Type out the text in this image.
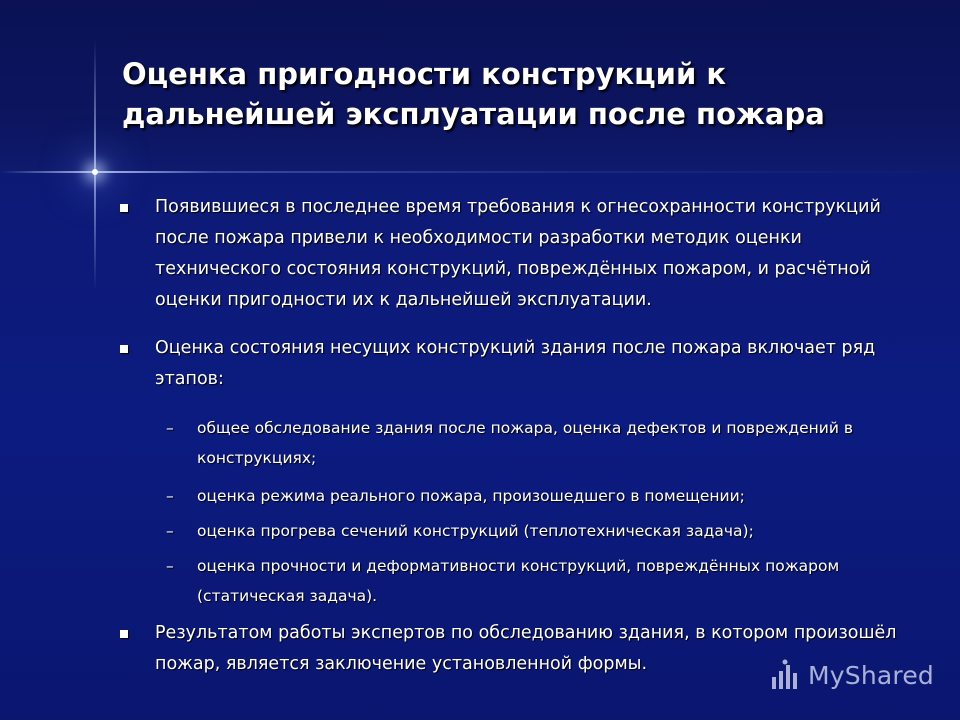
Оценка пригодности конструкций к дальнейшей эксплуатации после пожара
Появившиеся в последнее время требования к огнесохранности конструкций после пожара привели к необходимости разработки методик оценки технического состояния конструкций, повреждённых пожаром, и расчётной оценки пригодности их к дальнейшей эксплуатации.
Оценка состояния несущих конструкций здания после пожара включает ряд этапов:
– общее обследование здания после пожара, оценка дефектов и повреждений в конструкциях;
– оценка режима реального пожара, произошедшего в помещении;
– оценка прогрева сечений конструкций (теплотехническая задача);
– оценка прочности и деформативности конструкций, повреждённых пожаром (статическая задача).
Результатом работы экспертов по обследованию здания, в котором произошёл пожар, является заключение установленной формы.	MyShared
